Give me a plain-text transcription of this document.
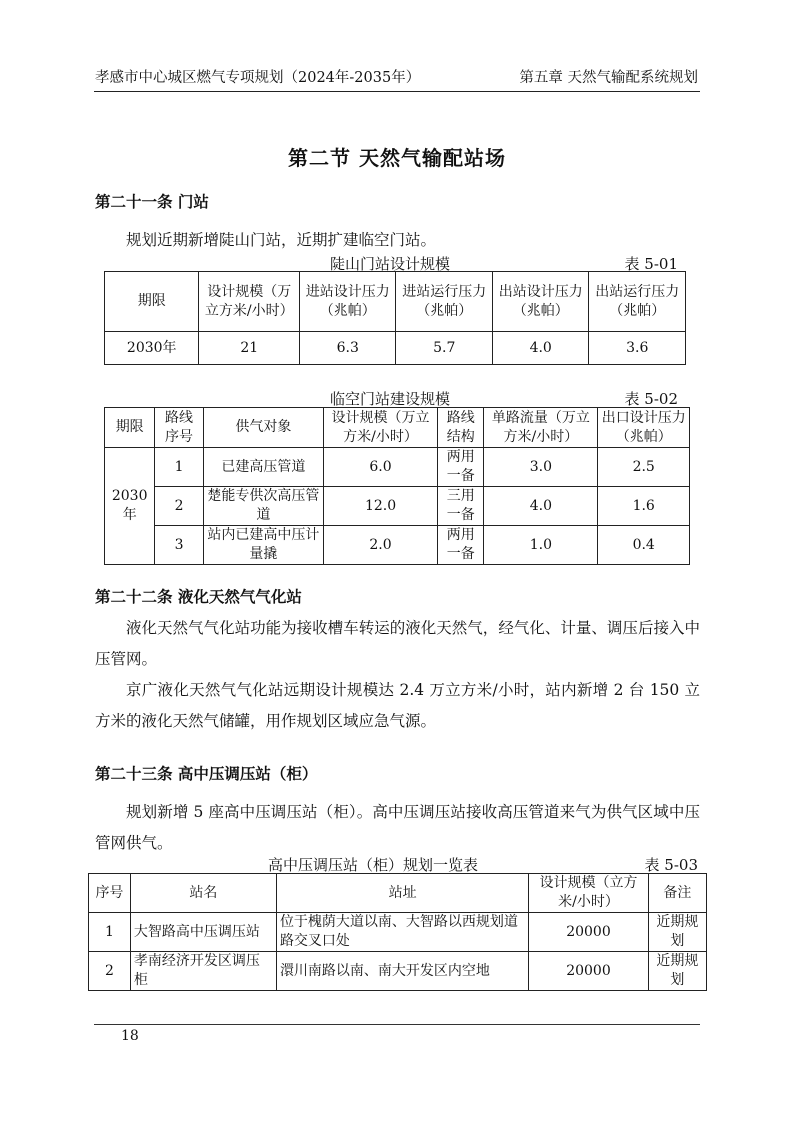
孝感市中心城区燃气专项规划（2024年-2035年）	第五章 天然气输配系统规划
第二节 天然气输配站场
第二十一条 门站
规划近期新增陡山门站，近期扩建临空门站。
陡山门站设计规模	表 5-01
期限	设计规模（万立方米/小时）	进站设计压力（兆帕）	进站运行压力（兆帕）	出站设计压力（兆帕）	出站运行压力（兆帕）
2030年	21	6.3	5.7	4.0	3.6
临空门站建设规模	表 5-02
期限	路线序号	供气对象	设计规模（万立方米/小时）	路线结构	单路流量（万立方米/小时）	出口设计压力（兆帕）
2030年	1	已建高压管道	6.0	两用一备	3.0	2.5
	2	楚能专供次高压管道	12.0	三用一备	4.0	1.6
	3	站内已建高中压计量撬	2.0	两用一备	1.0	0.4
第二十二条 液化天然气气化站
液化天然气气化站功能为接收槽车转运的液化天然气，经气化、计量、调压后接入中压管网。
京广液化天然气气化站远期设计规模达 2.4 万立方米/小时，站内新增 2 台 150 立方米的液化天然气储罐，用作规划区域应急气源。
第二十三条 高中压调压站（柜）
规划新增 5 座高中压调压站（柜）。高中压调压站接收高压管道来气为供气区域中压管网供气。
高中压调压站（柜）规划一览表	表 5-03
序号	站名	站址	设计规模（立方米/小时）	备注
1	大智路高中压调压站	位于槐荫大道以南、大智路以西规划道路交叉口处	20000	近期规划
2	孝南经济开发区调压柜	澴川南路以南、南大开发区内空地	20000	近期规划
18
